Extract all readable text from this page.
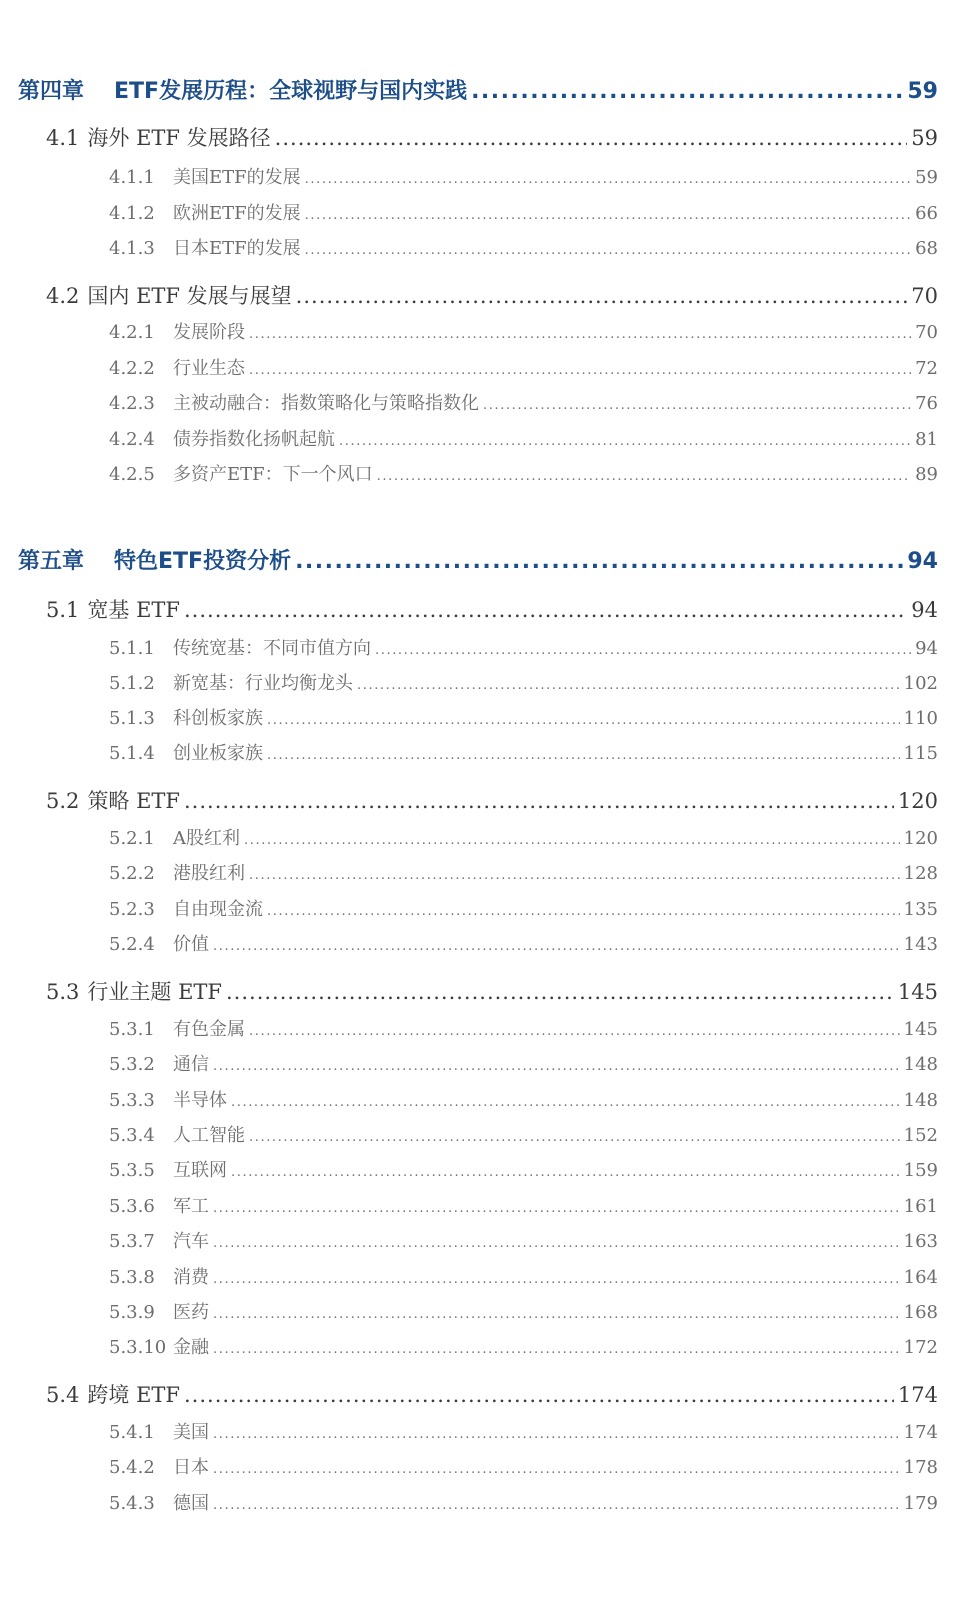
第四章	ETF发展历程：全球视野与国内实践 .....	59
4.1 海外 ETF 发展路径 .....	59
4.1.1	美国ETF的发展 .....	59
4.1.2	欧洲ETF的发展 .....	66
4.1.3	日本ETF的发展 .....	68
4.2 国内 ETF 发展与展望 .....	70
4.2.1	发展阶段 .....	70
4.2.2	行业生态 .....	72
4.2.3	主被动融合：指数策略化与策略指数化 .....	76
4.2.4	债券指数化扬帆起航 .....	81
4.2.5	多资产ETF：下一个风口 .....	89
第五章	特色ETF投资分析 .....	94
5.1 宽基 ETF .....	94
5.1.1	传统宽基：不同市值方向 .....	94
5.1.2	新宽基：行业均衡龙头 .....	102
5.1.3	科创板家族 .....	110
5.1.4	创业板家族 .....	115
5.2 策略 ETF .....	120
5.2.1	A股红利 .....	120
5.2.2	港股红利 .....	128
5.2.3	自由现金流 .....	135
5.2.4	价值 .....	143
5.3 行业主题 ETF .....	145
5.3.1	有色金属 .....	145
5.3.2	通信 .....	148
5.3.3	半导体 .....	148
5.3.4	人工智能 .....	152
5.3.5	互联网 .....	159
5.3.6	军工 .....	161
5.3.7	汽车 .....	163
5.3.8	消费 .....	164
5.3.9	医药 .....	168
5.3.10 金融 .....	172
5.4 跨境 ETF .....	174
5.4.1	美国 .....	174
5.4.2	日本 .....	178
5.4.3	德国 .....	179
